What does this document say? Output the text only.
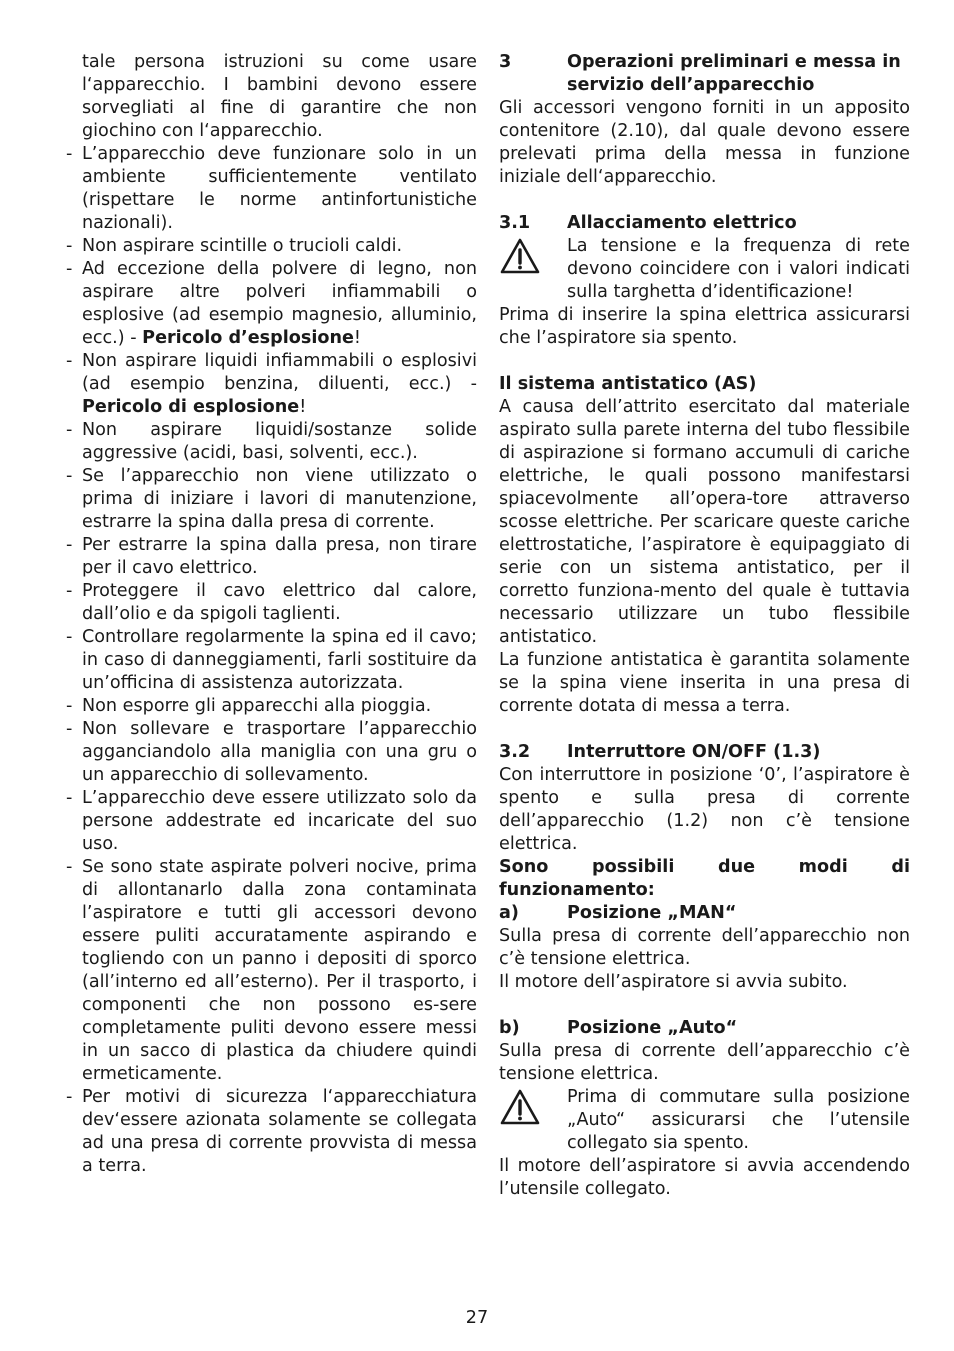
tale persona istruzioni su come usare l‘apparecchio. I bambini devono essere sorvegliati al fine di garantire che non giochino con l‘apparecchio.

- L’apparecchio deve funzionare solo in un ambiente sufficientemente ventilato (rispettare le norme antinfortunistiche nazionali).
- Non aspirare scintille o trucioli caldi.
- Ad eccezione della polvere di legno, non aspirare altre polveri infiammabili o esplosive (ad esempio magnesio, alluminio, ecc.) - Pericolo d’esplosione!
- Non aspirare liquidi infiammabili o esplosivi (ad esempio benzina, diluenti, ecc.) - Pericolo di esplosione!
- Non aspirare liquidi/sostanze solide aggressive (acidi, basi, solventi, ecc.).
- Se l’apparecchio non viene utilizzato o prima di iniziare i lavori di manutenzione, estrarre la spina dalla presa di corrente.
- Per estrarre la spina dalla presa, non tirare per il cavo elettrico.
- Proteggere il cavo elettrico dal calore, dall’olio e da spigoli taglienti.
- Controllare regolarmente la spina ed il cavo; in caso di danneggiamenti, farli sostituire da un’officina di assistenza autorizzata.
- Non esporre gli apparecchi alla pioggia.
- Non sollevare e trasportare l’apparecchio agganciandolo alla maniglia con una gru o un apparecchio di sollevamento.
- L’apparecchio deve essere utilizzato solo da persone addestrate ed incaricate del suo uso.
- Se sono state aspirate polveri nocive, prima di allontanarlo dalla zona contaminata l’aspiratore e tutti gli accessori devono essere puliti accuratamente aspirando e togliendo con un panno i depositi di sporco (all’interno ed all’esterno). Per il trasporto, i componenti che non possono es-sere completamente puliti devono essere messi in un sacco di plastica da chiudere quindi ermeticamente.
- Per motivi di sicurezza l‘apparecchiatura dev‘essere azionata solamente se collegata ad una presa di corrente provvista di messa a terra.
3	Operazioni preliminari e messa in servizio dell’apparecchio

Gli accessori vengono forniti in un apposito contenitore (2.10), dal quale devono essere prelevati prima della messa in funzione iniziale dell‘apparecchio.

3.1	Allacciamento elettrico
La tensione e la frequenza di rete devono coincidere con i valori indicati sulla targhetta d’identificazione!

Prima di inserire la spina elettrica assicurarsi che l’aspiratore sia spento.

Il sistema antistatico (AS)

A causa dell’attrito esercitato dal materiale aspirato sulla parete interna del tubo flessibile di aspirazione si formano accumuli di cariche elettriche, le quali possono manifestarsi spiacevolmente all’opera-tore attraverso scosse elettriche. Per scaricare queste cariche elettrostatiche, l’aspiratore è equipaggiato di serie con un sistema antistatico, per il corretto funziona-mento del quale è tuttavia necessario utilizzare un tubo flessibile antistatico.

La funzione antistatica è garantita solamente se la spina viene inserita in una presa di corrente dotata di messa a terra.

3.2	Interruttore ON/OFF (1.3)

Con interruttore in posizione ‘0’, l’aspiratore è spento e sulla presa di corrente dell’apparecchio (1.2) non c’è tensione elettrica.

Sono possibili due modi di funzionamento:

a)	Posizione „MAN“

Sulla presa di corrente dell’apparecchio non c’è tensione elettrica.

Il motore dell’aspiratore si avvia subito.

b)	Posizione „Auto“

Sulla presa di corrente dell’apparecchio c’è tensione elettrica.

Prima di commutare sulla posizione „Auto“ assicurarsi che l’utensile collegato sia spento.

Il motore dell’aspiratore si avvia accendendo l’utensile collegato.

27
